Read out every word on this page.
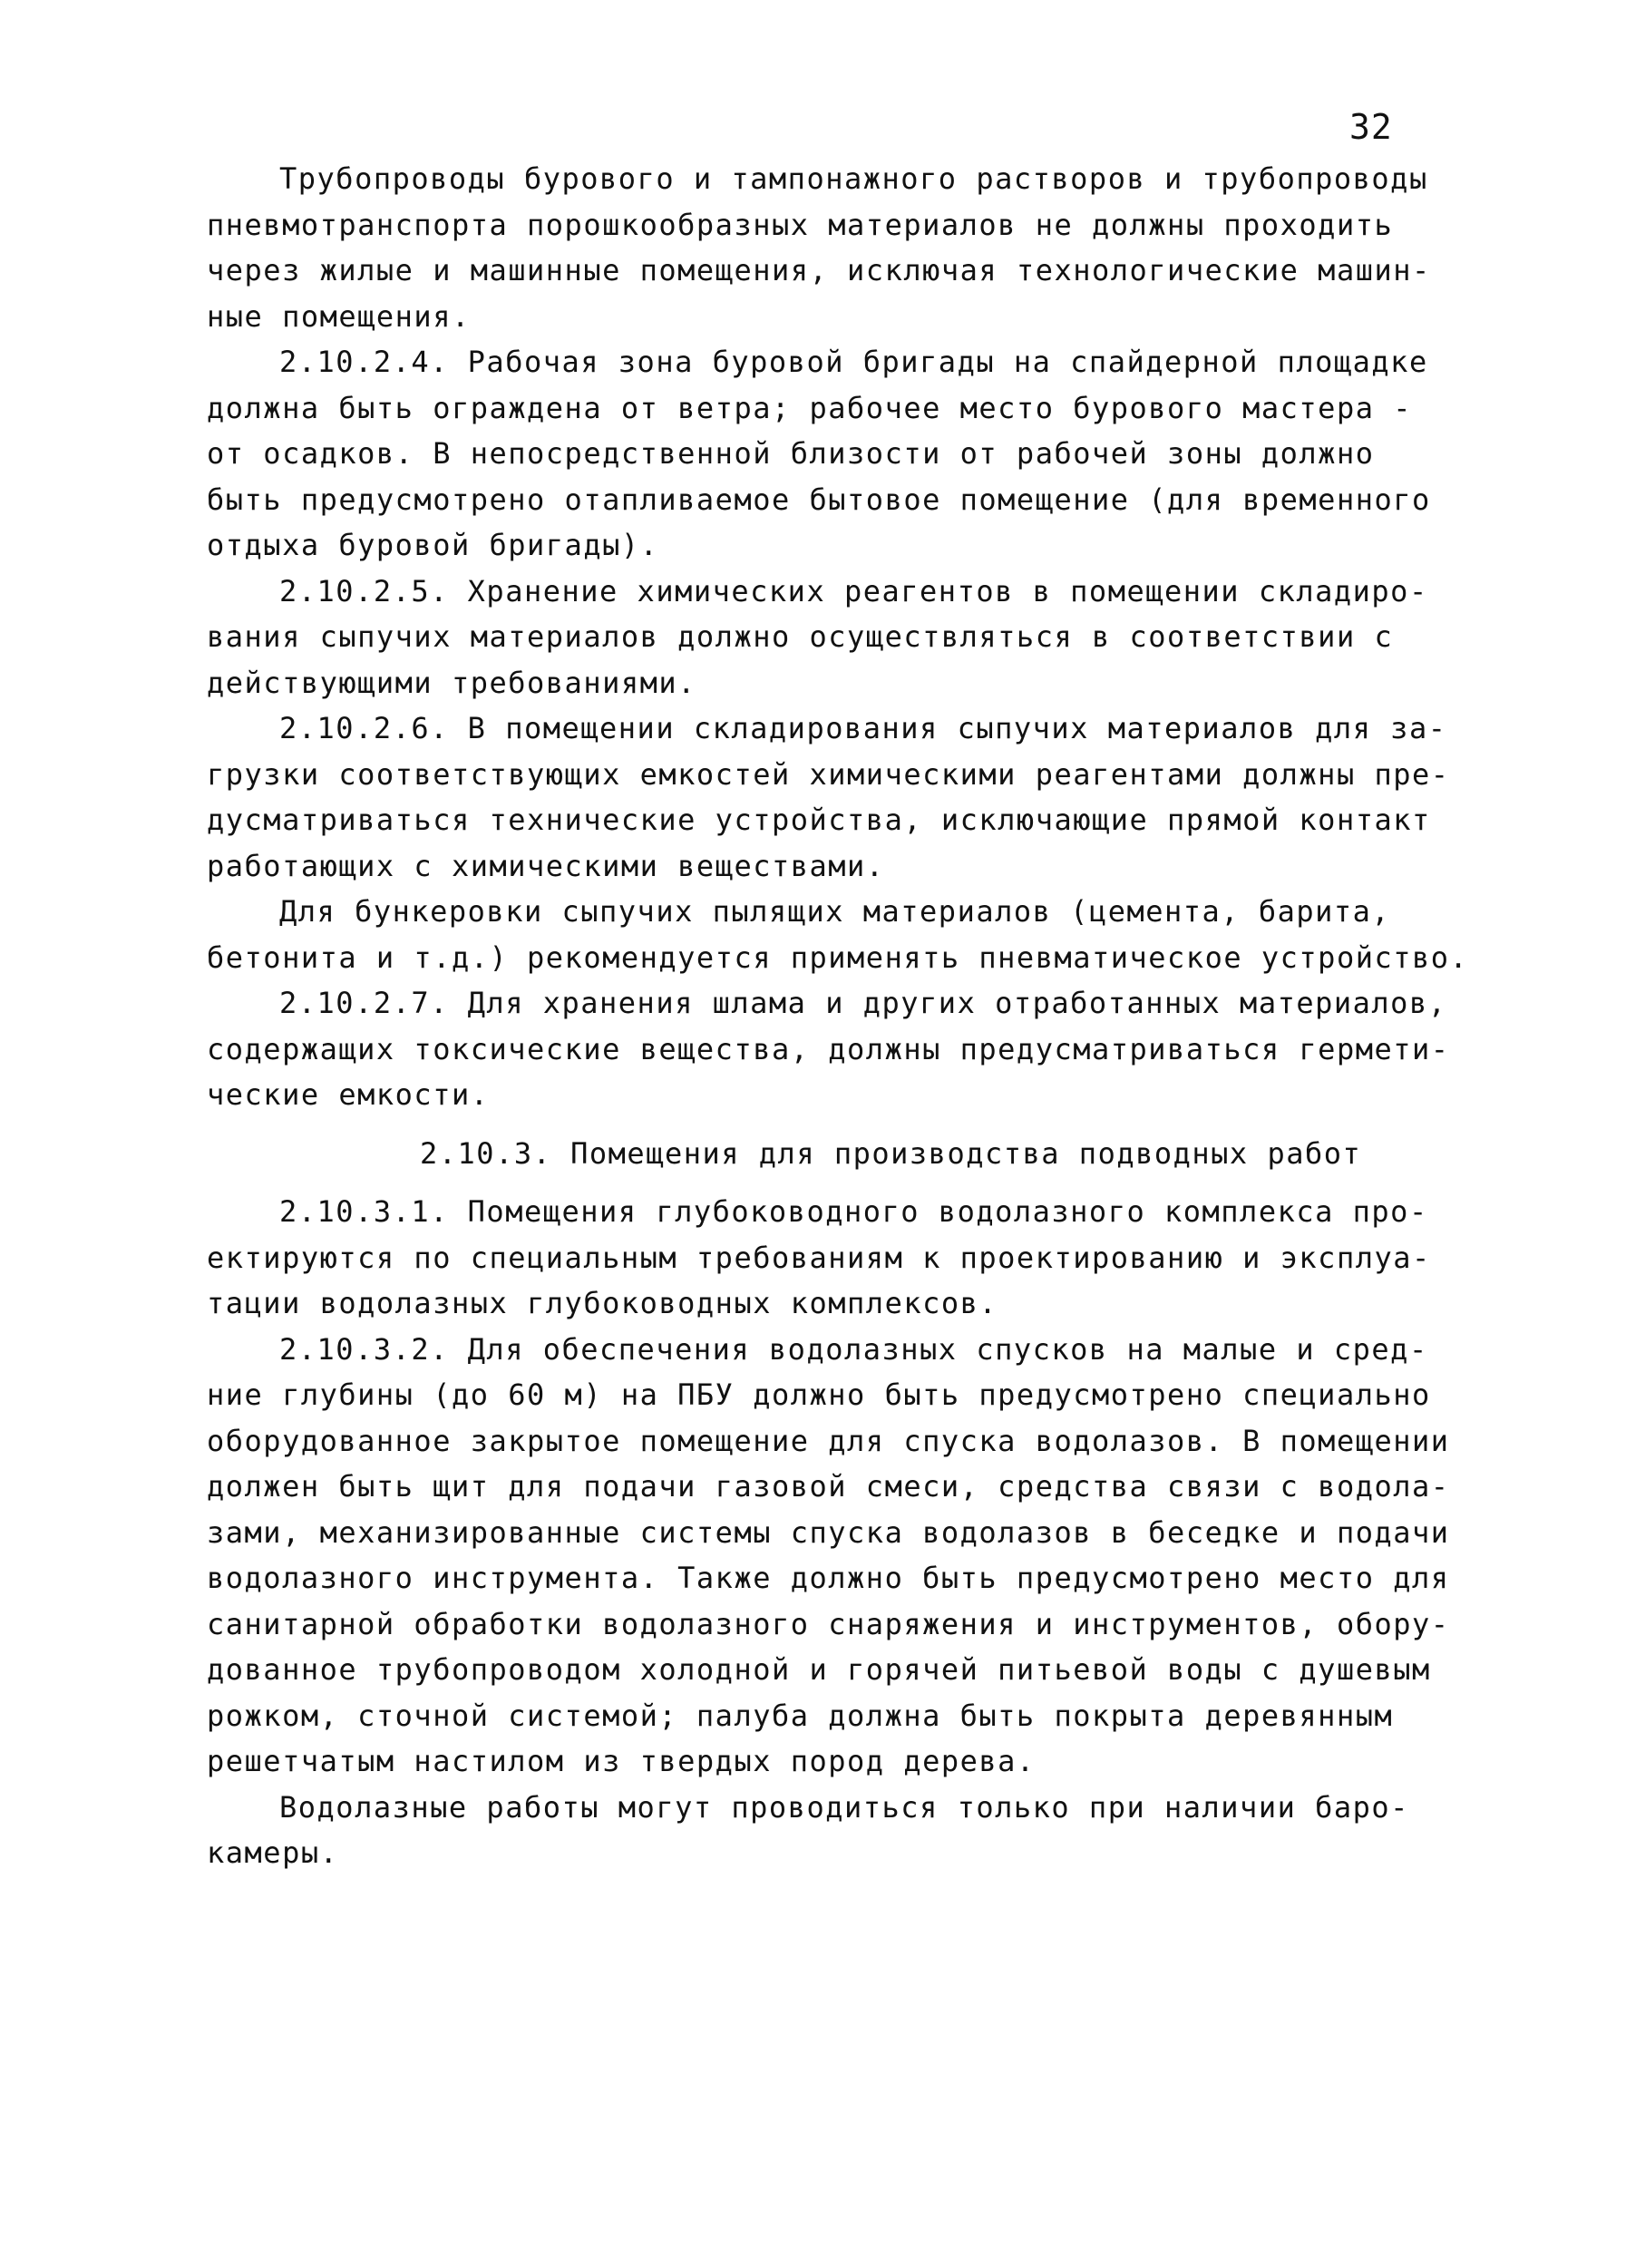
32
Трубопроводы бурового и тампонажного растворов и трубопроводы
пневмотранспорта порошкообразных материалов не должны проходить
через жилые и машинные помещения, исключая технологические машин-
ные помещения.
2.10.2.4. Рабочая зона буровой бригады на спайдерной площадке
должна быть ограждена от ветра; рабочее место бурового мастера -
от осадков. В непосредственной близости от рабочей зоны должно
быть предусмотрено отапливаемое бытовое помещение (для временного
отдыха буровой бригады).
2.10.2.5. Хранение химических реагентов в помещении складиро-
вания сыпучих материалов должно осуществляться в соответствии с
действующими требованиями.
2.10.2.6. В помещении складирования сыпучих материалов для за-
грузки соответствующих емкостей химическими реагентами должны пре-
дусматриваться технические устройства, исключающие прямой контакт
работающих с химическими веществами.
Для бункеровки сыпучих пылящих материалов (цемента, барита,
бетонита и т.д.) рекомендуется применять пневматическое устройство.
2.10.2.7. Для хранения шлама и других отработанных материалов,
содержащих токсические вещества, должны предусматриваться гермети-
ческие емкости.
2.10.3. Помещения для производства подводных работ
2.10.3.1. Помещения глубоководного водолазного комплекса про-
ектируются по специальным требованиям к проектированию и эксплуа-
тации водолазных глубоководных комплексов.
2.10.3.2. Для обеспечения водолазных спусков на малые и сред-
ние глубины (до 60 м) на ПБУ должно быть предусмотрено специально
оборудованное закрытое помещение для спуска водолазов. В помещении
должен быть щит для подачи газовой смеси, средства связи с водола-
зами, механизированные системы спуска водолазов в беседке и подачи
водолазного инструмента. Также должно быть предусмотрено место для
санитарной обработки водолазного снаряжения и инструментов, обору-
дованное трубопроводом холодной и горячей питьевой воды с душевым
рожком, сточной системой; палуба должна быть покрыта деревянным
решетчатым настилом из твердых пород дерева.
Водолазные работы могут проводиться только при наличии баро-
камеры.
